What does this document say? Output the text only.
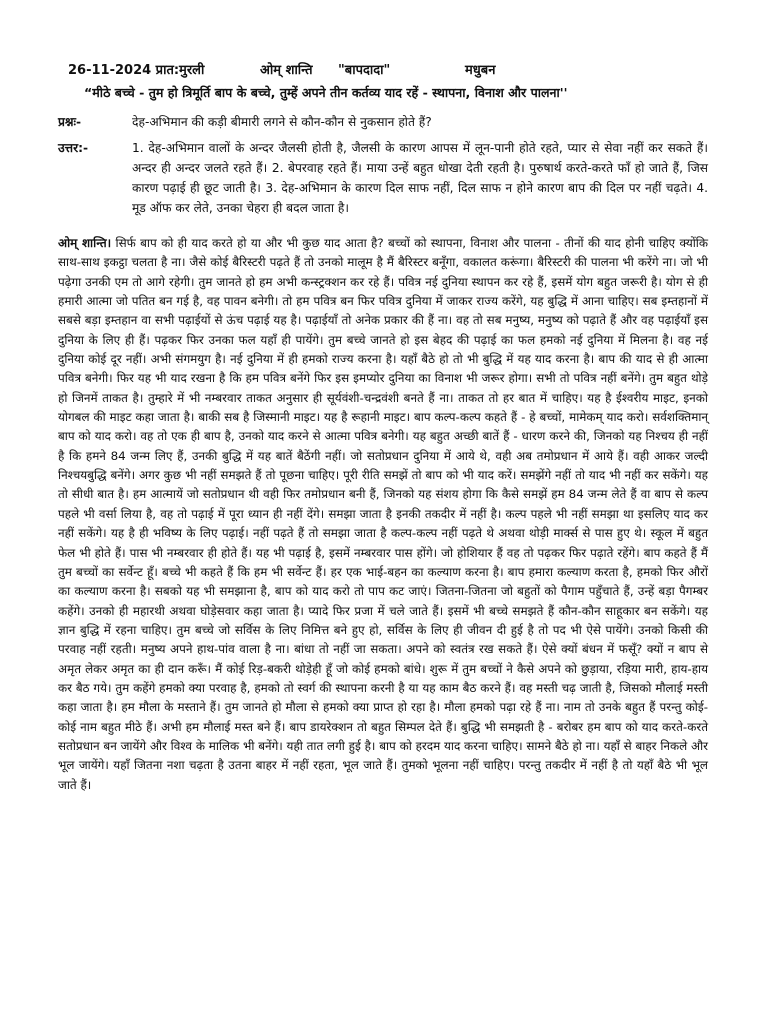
26-11-2024 प्रात:मुरली	ओम् शान्ति	"बापदादा"	मधुबन
“मीठे बच्चे - तुम हो त्रिमूर्ति बाप के बच्चे, तुम्हें अपने तीन कर्तव्य याद रहें - स्थापना, विनाश और पालना''
प्रश्नः-	देह-अभिमान की कड़ी बीमारी लगने से कौन-कौन से नुकसान होते हैं?
उत्तर:-	1. देह-अभिमान वालों के अन्दर जैलसी होती है, जैलसी के कारण आपस में लून-पानी होते रहते, प्यार से सेवा नहीं कर सकते हैं। अन्दर ही अन्दर जलते रहते हैं। 2. बेपरवाह रहते हैं। माया उन्हें बहुत धोखा देती रहती है। पुरुषार्थ करते-करते फाँ हो जाते हैं, जिस कारण पढ़ाई ही छूट जाती है। 3. देह-अभिमान के कारण दिल साफ नहीं, दिल साफ न होने कारण बाप की दिल पर नहीं चढ़ते। 4. मूड ऑफ कर लेते, उनका चेहरा ही बदल जाता है।
ओम् शान्ति। सिर्फ बाप को ही याद करते हो या और भी कुछ याद आता है? बच्चों को स्थापना, विनाश और पालना - तीनों की याद होनी चाहिए क्योंकि साथ-साथ इकट्ठा चलता है ना। जैसे कोई बैरिस्टरी पढ़ते हैं तो उनको मालूम है मैं बैरिस्टर बनूँगा, वकालत करूंगा। बैरिस्टरी की पालना भी करेंगे ना। जो भी पढ़ेगा उनकी एम तो आगे रहेगी। तुम जानते हो हम अभी कन्स्ट्रक्शन कर रहे हैं। पवित्र नई दुनिया स्थापन कर रहे हैं, इसमें योग बहुत जरूरी है। योग से ही हमारी आत्मा जो पतित बन गई है, वह पावन बनेगी। तो हम पवित्र बन फिर पवित्र दुनिया में जाकर राज्य करेंगे, यह बुद्धि में आना चाहिए। सब इम्तहानों में सबसे बड़ा इम्तहान वा सभी पढ़ाईयों से ऊंच पढ़ाई यह है। पढ़ाईयाँ तो अनेक प्रकार की हैं ना। वह तो सब मनुष्य, मनुष्य को पढ़ाते हैं और वह पढ़ाईयाँ इस दुनिया के लिए ही हैं। पढ़कर फिर उनका फल यहाँ ही पायेंगे। तुम बच्चे जानते हो इस बेहद की पढ़ाई का फल हमको नई दुनिया में मिलना है। वह नई दुनिया कोई दूर नहीं। अभी संगमयुग है। नई दुनिया में ही हमको राज्य करना है। यहाँ बैठे हो तो भी बुद्धि में यह याद करना है। बाप की याद से ही आत्मा पवित्र बनेगी। फिर यह भी याद रखना है कि हम पवित्र बनेंगे फिर इस इमप्योर दुनिया का विनाश भी जरूर होगा। सभी तो पवित्र नहीं बनेंगे। तुम बहुत थोड़े हो जिनमें ताकत है। तुम्हारे में भी नम्बरवार ताकत अनुसार ही सूर्यवंशी-चन्द्रवंशी बनते हैं ना। ताकत तो हर बात में चाहिए। यह है ईश्वरीय माइट, इनको योगबल की माइट कहा जाता है। बाकी सब है जिस्मानी माइट। यह है रूहानी माइट। बाप कल्प-कल्प कहते हैं - हे बच्चों, मामेकम् याद करो। सर्वशक्तिमान् बाप को याद करो। वह तो एक ही बाप है, उनको याद करने से आत्मा पवित्र बनेगी। यह बहुत अच्छी बातें हैं - धारण करने की, जिनको यह निश्चय ही नहीं है कि हमने 84 जन्म लिए हैं, उनकी बुद्धि में यह बातें बैठेंगी नहीं। जो सतोप्रधान दुनिया में आये थे, वही अब तमोप्रधान में आये हैं। वही आकर जल्दी निश्चयबुद्धि बनेंगे। अगर कुछ भी नहीं समझते हैं तो पूछना चाहिए। पूरी रीति समझें तो बाप को भी याद करें। समझेंगे नहीं तो याद भी नहीं कर सकेंगे। यह तो सीधी बात है। हम आत्मायें जो सतोप्रधान थी वही फिर तमोप्रधान बनी हैं, जिनको यह संशय होगा कि कैसे समझें हम 84 जन्म लेते हैं वा बाप से कल्प पहले भी वर्सा लिया है, वह तो पढ़ाई में पूरा ध्यान ही नहीं देंगे। समझा जाता है इनकी तकदीर में नहीं है। कल्प पहले भी नहीं समझा था इसलिए याद कर नहीं सकेंगे। यह है ही भविष्य के लिए पढ़ाई। नहीं पढ़ते हैं तो समझा जाता है कल्प-कल्प नहीं पढ़ते थे अथवा थोड़ी मार्क्स से पास हुए थे। स्कूल में बहुत फेल भी होते हैं। पास भी नम्बरवार ही होते हैं। यह भी पढ़ाई है, इसमें नम्बरवार पास होंगे। जो होशियार हैं वह तो पढ़कर फिर पढ़ाते रहेंगे। बाप कहते हैं मैं तुम बच्चों का सर्वेन्ट हूँ। बच्चे भी कहते हैं कि हम भी सर्वेन्ट हैं। हर एक भाई-बहन का कल्याण करना है। बाप हमारा कल्याण करता है, हमको फिर औरों का कल्याण करना है। सबको यह भी समझाना है, बाप को याद करो तो पाप कट जाएं। जितना-जितना जो बहुतों को पैगाम पहुँचाते हैं, उन्हें बड़ा पैगम्बर कहेंगे। उनको ही महारथी अथवा घोड़ेसवार कहा जाता है। प्यादे फिर प्रजा में चले जाते हैं। इसमें भी बच्चे समझते हैं कौन-कौन साहूकार बन सकेंगे। यह ज्ञान बुद्धि में रहना चाहिए। तुम बच्चे जो सर्विस के लिए निमित्त बने हुए हो, सर्विस के लिए ही जीवन दी हुई है तो पद भी ऐसे पायेंगे। उनको किसी की परवाह नहीं रहती। मनुष्य अपने हाथ-पांव वाला है ना। बांधा तो नहीं जा सकता। अपने को स्वतंत्र रख सकते हैं। ऐसे क्यों बंधन में फसूँ? क्यों न बाप से अमृत लेकर अमृत का ही दान करूँ। मैं कोई रिड़-बकरी थोड़ेही हूँ जो कोई हमको बांधे। शुरू में तुम बच्चों ने कैसे अपने को छुड़ाया, रड़िया मारी, हाय-हाय कर बैठ गये। तुम कहेंगे हमको क्या परवाह है, हमको तो स्वर्ग की स्थापना करनी है या यह काम बैठ करने हैं। वह मस्ती चढ़ जाती है, जिसको मौलाई मस्ती कहा जाता है। हम मौला के मस्ताने हैं। तुम जानते हो मौला से हमको क्या प्राप्त हो रहा है। मौला हमको पढ़ा रहे हैं ना। नाम तो उनके बहुत हैं परन्तु कोई-कोई नाम बहुत मीठे हैं। अभी हम मौलाई मस्त बने हैं। बाप डायरेक्शन तो बहुत सिम्पल देते हैं। बुद्धि भी समझती है - बरोबर हम बाप को याद करते-करते सतोप्रधान बन जायेंगे और विश्व के मालिक भी बनेंगे। यही तात लगी हुई है। बाप को हरदम याद करना चाहिए। सामने बैठे हो ना। यहाँ से बाहर निकले और भूल जायेंगे। यहाँ जितना नशा चढ़ता है उतना बाहर में नहीं रहता, भूल जाते हैं। तुमको भूलना नहीं चाहिए। परन्तु तकदीर में नहीं है तो यहाँ बैठे भी भूल जाते हैं।
